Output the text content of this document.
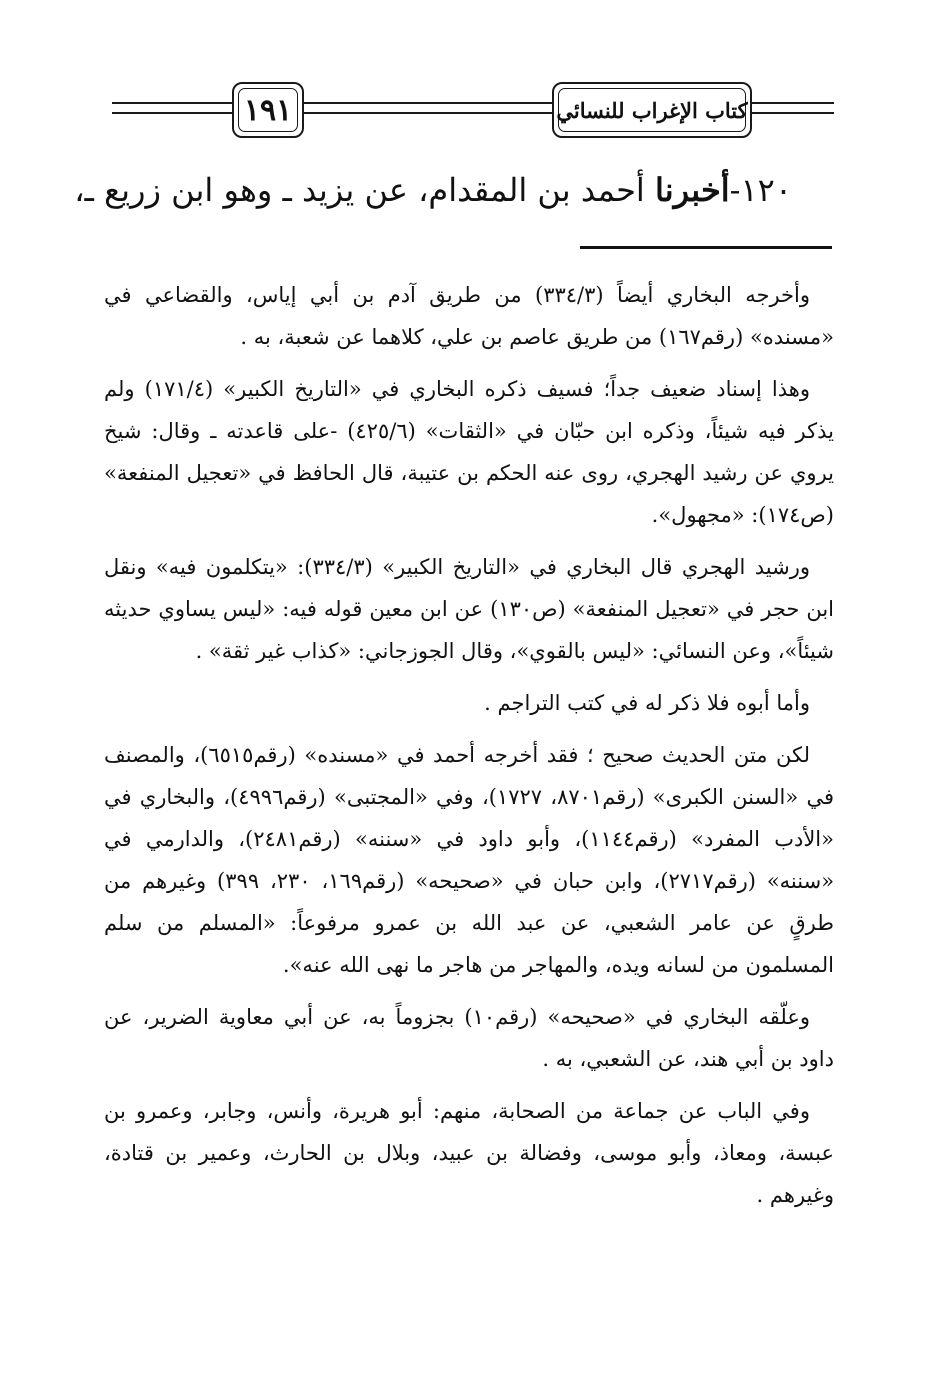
١٩١	كتاب الإغراب للنسائي
١٢٠-أخبرنا أحمد بن المقدام، عن يزيد ـ وهو ابن زريع ـ،

وأخرجه البخاري أيضاً (٣٣٤/٣) من طريق آدم بن أبي إياس، والقضاعي في «مسنده» (رقم١٦٧) من طريق عاصم بن علي، كلاهما عن شعبة، به .

وهذا إسناد ضعيف جداً؛ فسيف ذكره البخاري في «التاريخ الكبير» (١٧١/٤) ولم يذكر فيه شيئاً، وذكره ابن حبّان في «الثقات» (٤٢٥/٦) -على قاعدته ـ وقال: شيخ يروي عن رشيد الهجري، روى عنه الحكم بن عتيبة، قال الحافظ في «تعجيل المنفعة» (ص١٧٤): «مجهول».

ورشيد الهجري قال البخاري في «التاريخ الكبير» (٣٣٤/٣): «يتكلمون فيه» ونقل ابن حجر في «تعجيل المنفعة» (ص١٣٠) عن ابن معين قوله فيه: «ليس يساوي حديثه شيئاً»، وعن النسائي: «ليس بالقوي»، وقال الجوزجاني: «كذاب غير ثقة» .

وأما أبوه فلا ذكر له في كتب التراجم .

لكن متن الحديث صحيح ؛ فقد أخرجه أحمد في «مسنده» (رقم٦٥١٥)، والمصنف في «السنن الكبرى» (رقم٨٧٠١، ١٧٢٧)، وفي «المجتبى» (رقم٤٩٩٦)، والبخاري في «الأدب المفرد» (رقم١١٤٤)، وأبو داود في «سننه» (رقم٢٤٨١)، والدارمي في «سننه» (رقم٢٧١٧)، وابن حبان في «صحيحه» (رقم١٦٩، ٢٣٠، ٣٩٩) وغيرهم من طرقٍ عن عامر الشعبي، عن عبد الله بن عمرو مرفوعاً: «المسلم من سلم المسلمون من لسانه ويده، والمهاجر من هاجر ما نهى الله عنه».

وعلّقه البخاري في «صحيحه» (رقم١٠) بجزوماً به، عن أبي معاوية الضرير، عن داود بن أبي هند، عن الشعبي، به .

وفي الباب عن جماعة من الصحابة، منهم: أبو هريرة، وأنس، وجابر، وعمرو بن عبسة، ومعاذ، وأبو موسى، وفضالة بن عبيد، وبلال بن الحارث، وعمير بن قتادة، وغيرهم .
